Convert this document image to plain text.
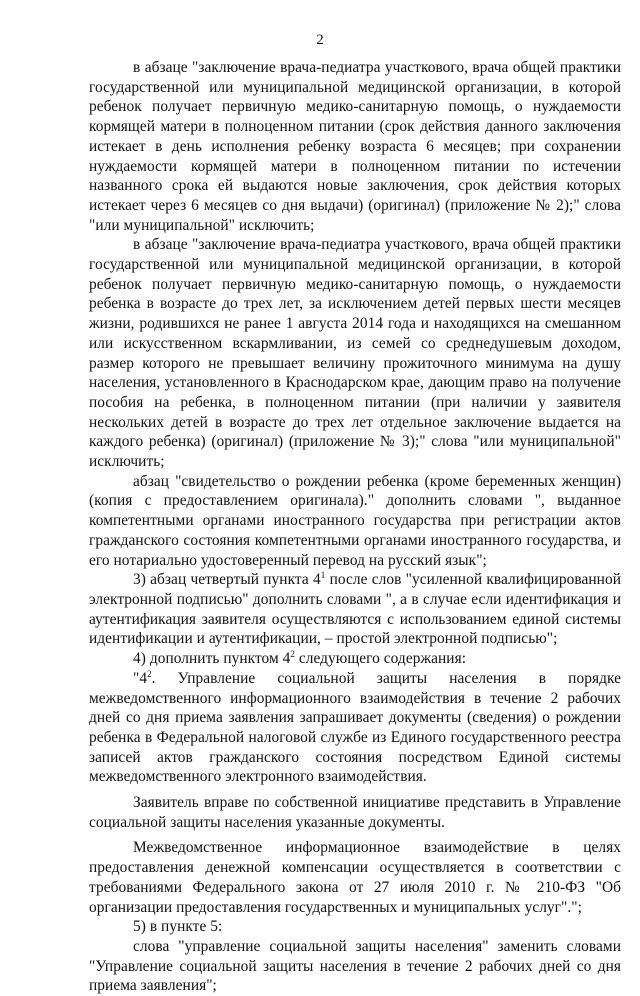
2

в абзаце "заключение врача-педиатра участкового, врача общей практики государственной или муниципальной медицинской организации, в которой ребенок получает первичную медико-санитарную помощь, о нуждаемости кормящей матери в полноценном питании (срок действия данного заключения истекает в день исполнения ребенку возраста 6 месяцев; при сохранении нуждаемости кормящей матери в полноценном питании по истечении названного срока ей выдаются новые заключения, срок действия которых истекает через 6 месяцев со дня выдачи) (оригинал) (приложение № 2);" слова "или муниципальной" исключить;

в абзаце "заключение врача-педиатра участкового, врача общей практики государственной или муниципальной медицинской организации, в которой ребенок получает первичную медико-санитарную помощь, о нуждаемости ребенка в возрасте до трех лет, за исключением детей первых шести месяцев жизни, родившихся не ранее 1 августа 2014 года и находящихся на смешанном или искусственном вскармливании, из семей со среднедушевым доходом, размер которого не превышает величину прожиточного минимума на душу населения, установленного в Краснодарском крае, дающим право на получение пособия на ребенка, в полноценном питании (при наличии у заявителя нескольких детей в возрасте до трех лет отдельное заключение выдается на каждого ребенка) (оригинал) (приложение № 3);" слова "или муниципальной" исключить;

абзац "свидетельство о рождении ребенка (кроме беременных женщин) (копия с предоставлением оригинала)." дополнить словами ", выданное компетентными органами иностранного государства при регистрации актов гражданского состояния компетентными органами иностранного государства, и его нотариально удостоверенный перевод на русский язык";

3) абзац четвертый пункта $4^1$ после слов "усиленной квалифицированной электронной подписью" дополнить словами ", а в случае если идентификация и аутентификация заявителя осуществляются с использованием единой системы идентификации и аутентификации, – простой электронной подписью";

4) дополнить пунктом $4^2$ следующего содержания:

"$4^2$. Управление социальной защиты населения в порядке межведомственного информационного взаимодействия в течение 2 рабочих дней со дня приема заявления запрашивает документы (сведения) о рождении ребенка в Федеральной налоговой службе из Единого государственного реестра записей актов гражданского состояния посредством Единой системы межведомственного электронного взаимодействия.

Заявитель вправе по собственной инициативе представить в Управление социальной защиты населения указанные документы.

Межведомственное информационное взаимодействие в целях предоставления денежной компенсации осуществляется в соответствии с требованиями Федерального закона от 27 июля 2010 г. № 210-ФЗ "Об организации предоставления государственных и муниципальных услуг".";

5) в пункте 5:

слова "управление социальной защиты населения" заменить словами "Управление социальной защиты населения в течение 2 рабочих дней со дня приема заявления";
